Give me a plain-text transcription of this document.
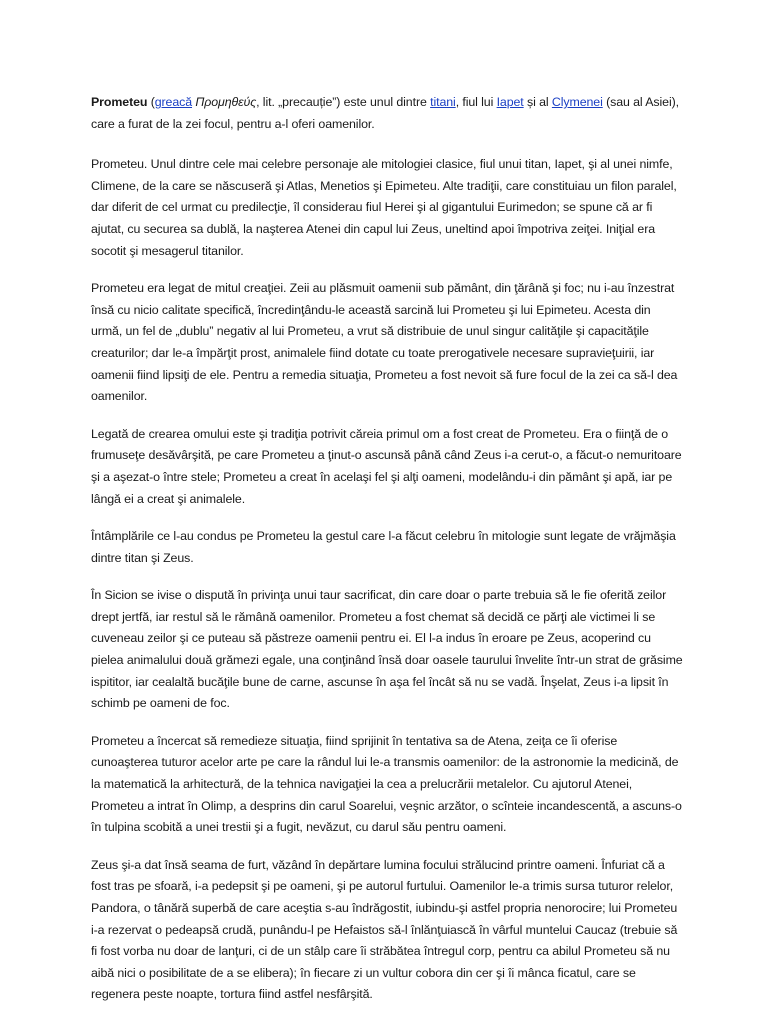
Prometeu (greacă Προμηθεύς, lit. „precauție”) este unul dintre titani, fiul lui Iapet și al Clymenei (sau al Asiei), care a furat de la zei focul, pentru a-l oferi oamenilor.

Prometeu. Unul dintre cele mai celebre personaje ale mitologiei clasice, fiul unui titan, Iapet, şi al unei nimfe, Climene, de la care se născuseră şi Atlas, Menetios şi Epimeteu. Alte tradiţii, care constituiau un filon paralel, dar diferit de cel urmat cu predilecţie, îl considerau fiul Herei şi al gigantului Eurimedon; se spune că ar fi ajutat, cu securea sa dublă, la naşterea Atenei din capul lui Zeus, uneltind apoi împotriva zeiţei. Iniţial era socotit şi mesagerul titanilor.

Prometeu era legat de mitul creaţiei. Zeii au plăsmuit oamenii sub pământ, din ţărână şi foc; nu i-au înzestrat însă cu nicio calitate specifică, încredinţându-le această sarcină lui Prometeu şi lui Epimeteu. Acesta din urmă, un fel de „dublu” negativ al lui Prometeu, a vrut să distribuie de unul singur calităţile şi capacităţile creaturilor; dar le-a împărţit prost, animalele fiind dotate cu toate prerogativele necesare supravieţuirii, iar oamenii fiind lipsiţi de ele. Pentru a remedia situaţia, Prometeu a fost nevoit să fure focul de la zei ca să-l dea oamenilor.

Legată de crearea omului este şi tradiţia potrivit căreia primul om a fost creat de Prometeu. Era o fiinţă de o frumuseţe desăvârşită, pe care Prometeu a ţinut-o ascunsă până când Zeus i-a cerut-o, a făcut-o nemuritoare şi a aşezat-o între stele; Prometeu a creat în acelaşi fel şi alţi oameni, modelându-i din pământ şi apă, iar pe lângă ei a creat şi animalele.

Întâmplările ce l-au condus pe Prometeu la gestul care l-a făcut celebru în mitologie sunt legate de vrăjmăşia dintre titan şi Zeus.

În Sicion se ivise o dispută în privinţa unui taur sacrificat, din care doar o parte trebuia să le fie oferită zeilor drept jertfă, iar restul să le rămână oamenilor. Prometeu a fost chemat să decidă ce părţi ale victimei li se cuveneau zeilor şi ce puteau să păstreze oamenii pentru ei. El l-a indus în eroare pe Zeus, acoperind cu pielea animalului două grămezi egale, una conţinând însă doar oasele taurului învelite într-un strat de grăsime ispititor, iar cealaltă bucăţile bune de carne, ascunse în aşa fel încât să nu se vadă. Înşelat, Zeus i-a lipsit în schimb pe oameni de foc.

Prometeu a încercat să remedieze situaţia, fiind sprijinit în tentativa sa de Atena, zeiţa ce îi oferise cunoaşterea tuturor acelor arte pe care la rândul lui le-a transmis oamenilor: de la astronomie la medicină, de la matematică la arhitectură, de la tehnica navigaţiei la cea a prelucrării metalelor. Cu ajutorul Atenei, Prometeu a intrat în Olimp, a desprins din carul Soarelui, veşnic arzător, o scînteie incandescentă, a ascuns-o în tulpina scobită a unei trestii şi a fugit, nevăzut, cu darul său pentru oameni.

Zeus şi-a dat însă seama de furt, văzând în depărtare lumina focului strălucind printre oameni. Înfuriat că a fost tras pe sfoară, i-a pedepsit şi pe oameni, şi pe autorul furtului. Oamenilor le-a trimis sursa tuturor relelor, Pandora, o tânără superbă de care aceştia s-au îndrăgostit, iubindu-şi astfel propria nenorocire; lui Prometeu i-a rezervat o pedeapsă crudă, punându-l pe Hefaistos să-l înlănţuiască în vârful muntelui Caucaz (trebuie să fi fost vorba nu doar de lanţuri, ci de un stâlp care îi străbătea întregul corp, pentru ca abilul Prometeu să nu aibă nici o posibilitate de a se elibera); în fiecare zi un vultur cobora din cer şi îi mânca ficatul, care se regenera peste noapte, tortura fiind astfel nesfârşită.
